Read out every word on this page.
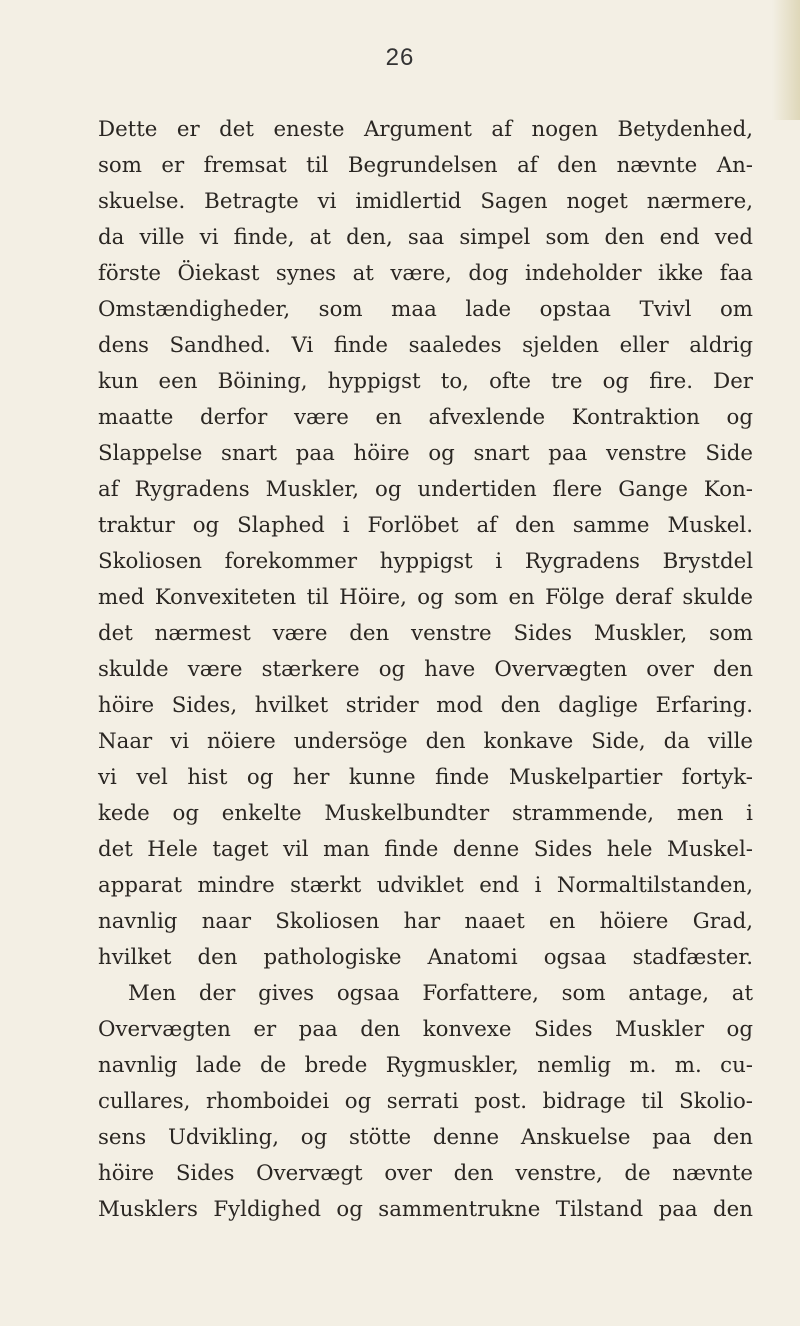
26
Dette er det eneste Argument af nogen Betydenhed,
som er fremsat til Begrundelsen af den nævnte An-
skuelse. Betragte vi imidlertid Sagen noget nærmere,
da ville vi finde, at den, saa simpel som den end ved
förste Öiekast synes at være, dog indeholder ikke faa
Omstændigheder, som maa lade opstaa Tvivl om
dens Sandhed. Vi finde saaledes sjelden eller aldrig
kun een Böining, hyppigst to, ofte tre og fire. Der
maatte derfor være en afvexlende Kontraktion og
Slappelse snart paa höire og snart paa venstre Side
af Rygradens Muskler, og undertiden flere Gange Kon-
traktur og Slaphed i Forlöbet af den samme Muskel.
Skoliosen forekommer hyppigst i Rygradens Brystdel
med Konvexiteten til Höire, og som en Fölge deraf skulde
det nærmest være den venstre Sides Muskler, som
skulde være stærkere og have Overvægten over den
höire Sides, hvilket strider mod den daglige Erfaring.
Naar vi nöiere undersöge den konkave Side, da ville
vi vel hist og her kunne finde Muskelpartier fortyk-
kede og enkelte Muskelbundter strammende, men i
det Hele taget vil man finde denne Sides hele Muskel-
apparat mindre stærkt udviklet end i Normaltilstanden,
navnlig naar Skoliosen har naaet en höiere Grad,
hvilket den pathologiske Anatomi ogsaa stadfæster.
Men der gives ogsaa Forfattere, som antage, at
Overvægten er paa den konvexe Sides Muskler og
navnlig lade de brede Rygmuskler, nemlig m. m. cu-
cullares, rhomboidei og serrati post. bidrage til Skolio-
sens Udvikling, og stötte denne Anskuelse paa den
höire Sides Overvægt over den venstre, de nævnte
Musklers Fyldighed og sammentrukne Tilstand paa den
